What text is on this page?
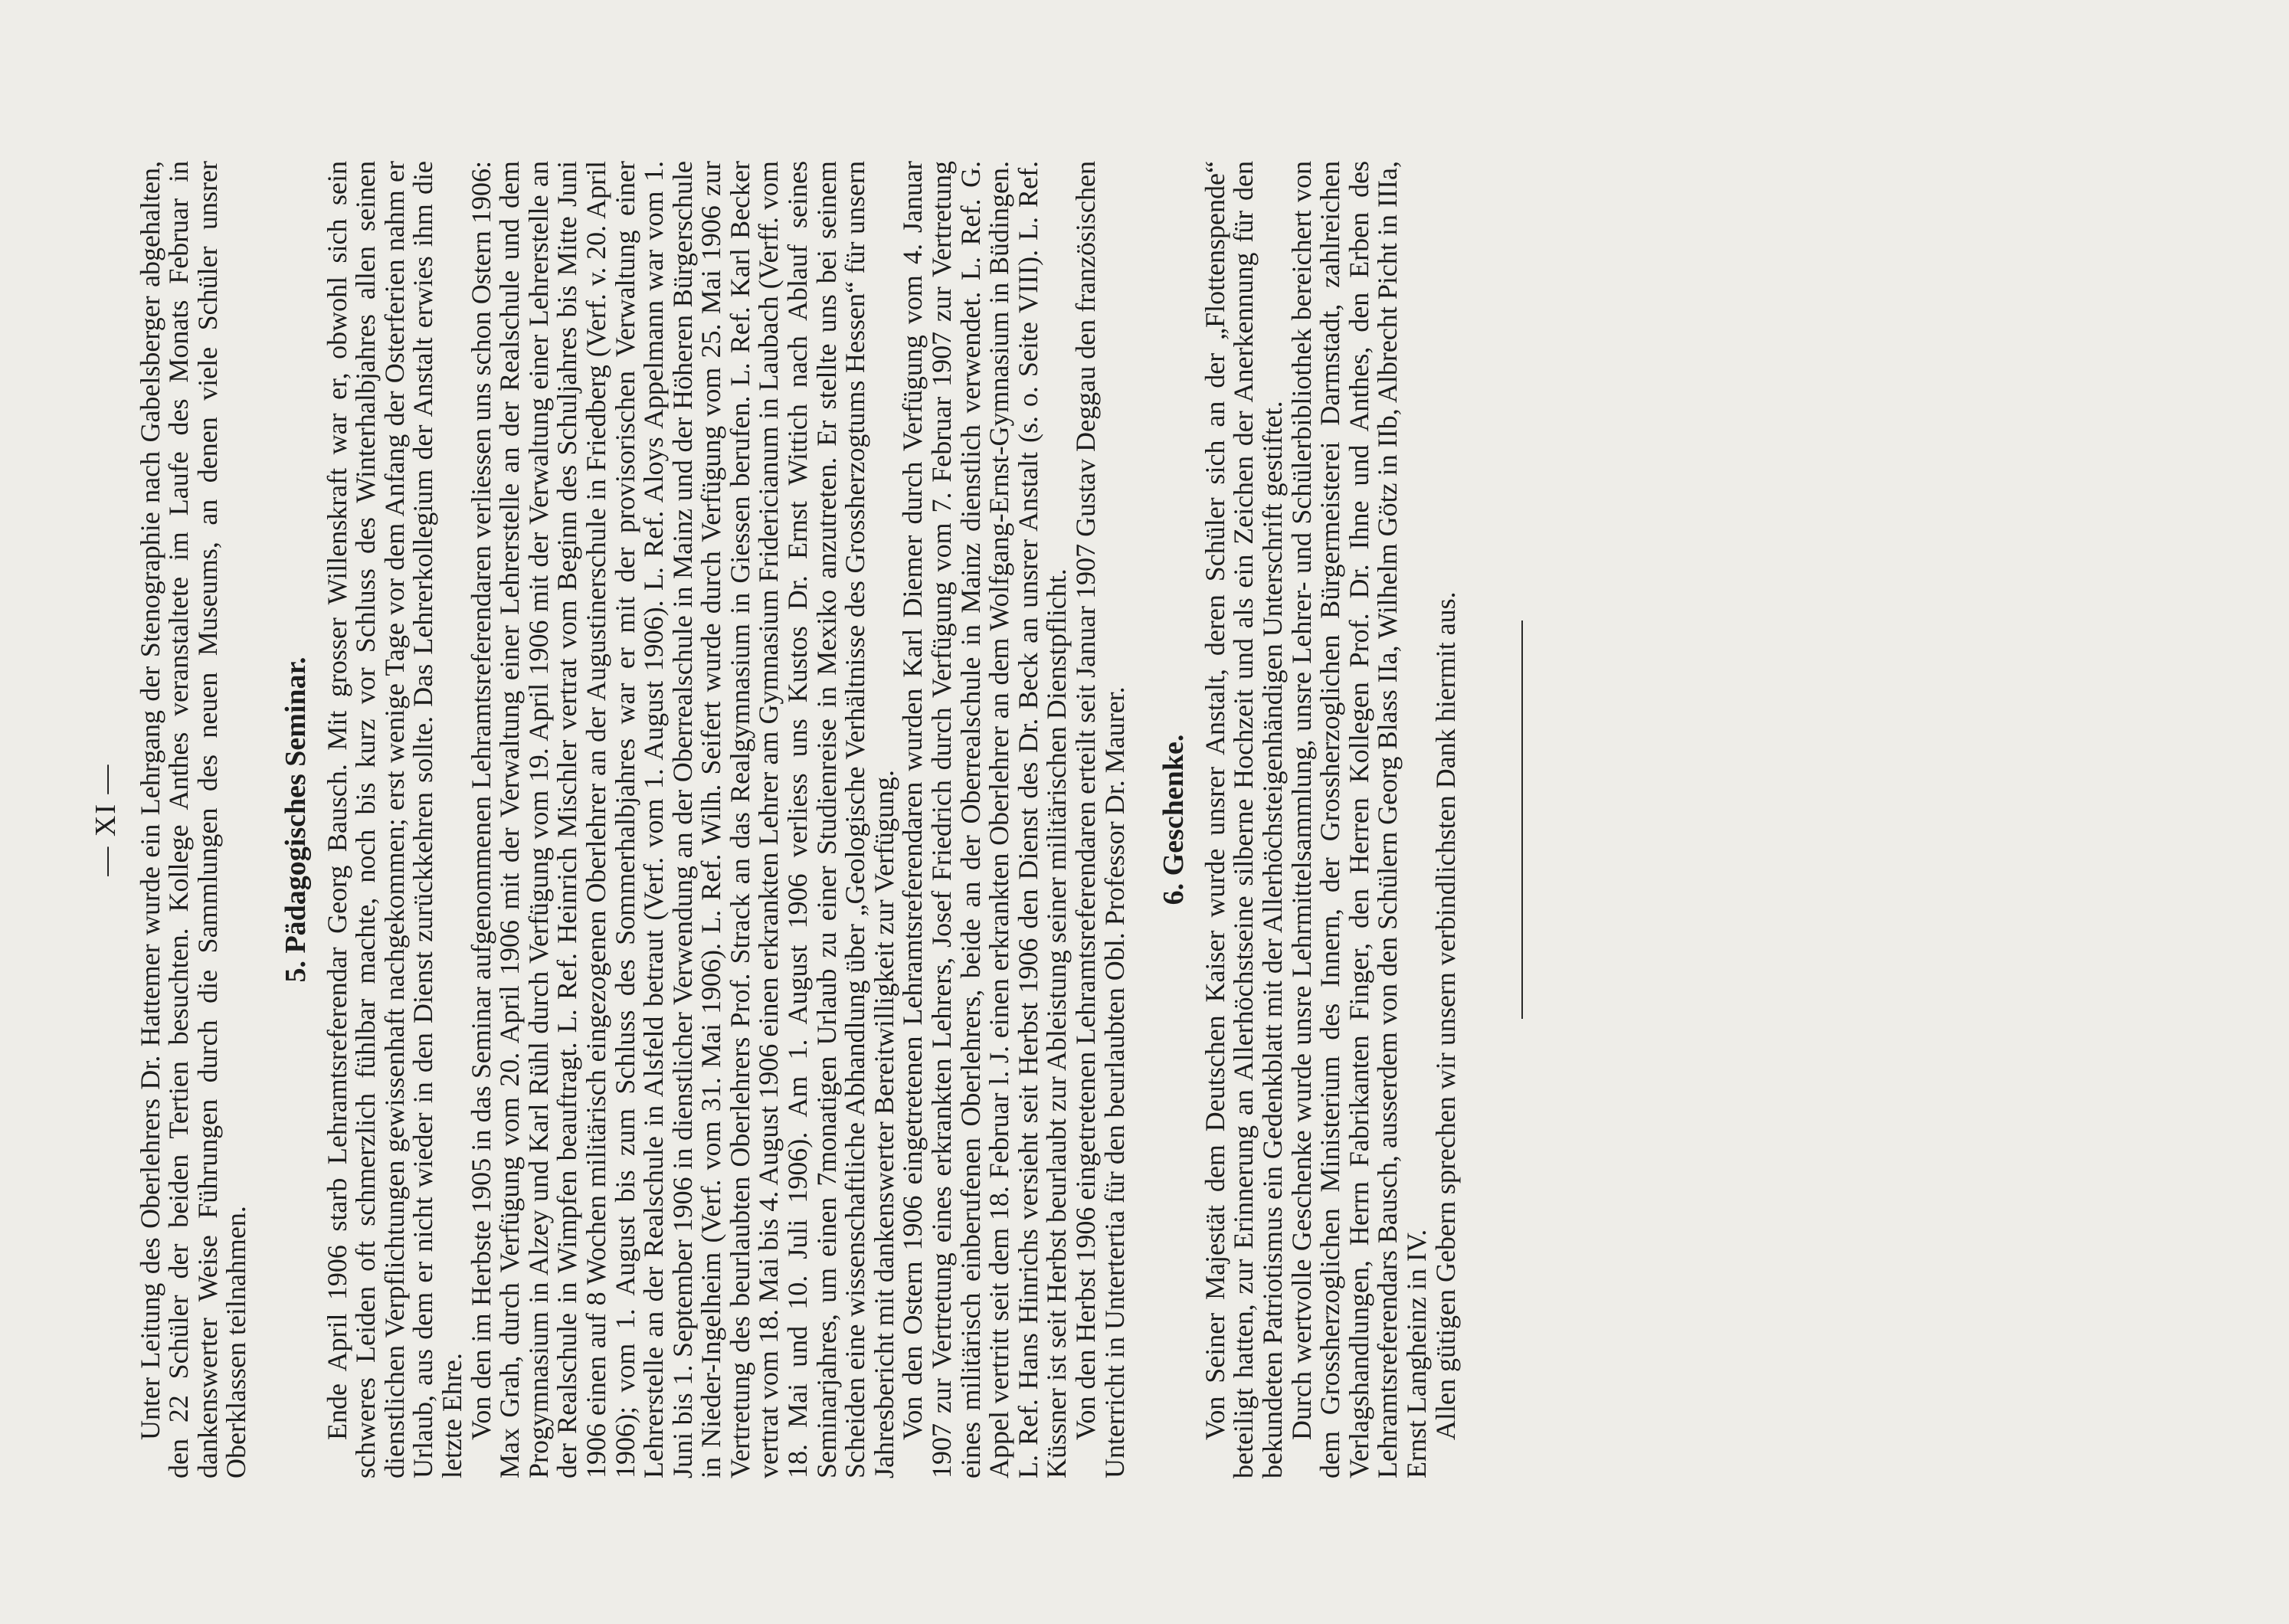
— XI — Unter Leitung des Oberlehrers Dr. Hattemer wurde ein Lehrgang der Stenographie nach Gabelsberger abgehalten, den 22 Schüler der beiden Tertien besuchten. Kollege Anthes veranstaltete im Laufe des Monats Februar in dankenswerter Weise Führungen durch die Sammlungen des neuen Museums, an denen viele Schüler unsrer Oberklassen teilnahmen.

5. Pädagogisches Seminar. Ende April 1906 starb Lehramtsreferendar Georg Bausch. Mit grosser Willenskraft war er, obwohl sich sein schweres Leiden oft schmerzlich fühlbar machte, noch bis kurz vor Schluss des Winterhalbjahres allen seinen dienstlichen Verpflichtungen gewissenhaft nachgekommen; erst wenige Tage vor dem Anfang der Osterferien nahm er Urlaub, aus dem er nicht wieder in den Dienst zurückkehren sollte. Das Lehrerkollegium der Anstalt erwies ihm die letzte Ehre.

Von den im Herbste 1905 in das Seminar aufgenommenen Lehramtsreferendaren verliessen uns schon Ostern 1906: Max Grah, durch Verfügung vom 20. April 1906 mit der Verwaltung einer Lehrerstelle an der Realschule und dem Progymnasium in Alzey und Karl Rühl durch Verfügung vom 19. April 1906 mit der Verwaltung einer Lehrerstelle an der Realschule in Wimpfen beauftragt. L. Ref. Heinrich Mischler vertrat vom Beginn des Schuljahres bis Mitte Juni 1906 einen auf 8 Wochen militärisch eingezogenen Oberlehrer an der Augustinerschule in Friedberg (Verf. v. 20. April 1906); vom 1. August bis zum Schluss des Sommerhalbjahres war er mit der provisorischen Verwaltung einer Lehrerstelle an der Realschule in Alsfeld betraut (Verf. vom 1. August 1906). L. Ref. Aloys Appelmann war vom 1. Juni bis 1. September 1906 in dienstlicher Verwendung an der Oberrealschule in Mainz und der Höheren Bürgerschule in Nieder-Ingelheim (Verf. vom 31. Mai 1906). L. Ref. Wilh. Seifert wurde durch Verfügung vom 25. Mai 1906 zur Vertretung des beurlaubten Oberlehrers Prof. Strack an das Realgymnasium in Giessen berufen. L. Ref. Karl Becker vertrat vom 18. Mai bis 4. August 1906 einen erkrankten Lehrer am Gymnasium Fridericianum in Laubach (Verff. vom 18. Mai und 10. Juli 1906). Am 1. August 1906 verliess uns Kustos Dr. Ernst Wittich nach Ablauf seines Seminarjahres, um einen 7monatigen Urlaub zu einer Studienreise in Mexiko anzutreten. Er stellte uns bei seinem Scheiden eine wissenschaftliche Abhandlung über „Geologische Verhältnisse des Grossherzogtums Hessen“ für unsern Jahresbericht mit dankenswerter Bereitwilligkeit zur Verfügung.

Von den Ostern 1906 eingetretenen Lehramtsreferendaren wurden Karl Diemer durch Verfügung vom 4. Januar 1907 zur Vertretung eines erkrankten Lehrers, Josef Friedrich durch Verfügung vom 7. Februar 1907 zur Vertretung eines militärisch einberufenen Oberlehrers, beide an der Oberrealschule in Mainz dienstlich verwendet. L. Ref. G. Appel vertritt seit dem 18. Februar l. J. einen erkrankten Oberlehrer an dem Wolfgang-Ernst-Gymnasium in Büdingen. L. Ref. Hans Hinrichs versieht seit Herbst 1906 den Dienst des Dr. Beck an unsrer Anstalt (s. o. Seite VIII). L. Ref. Küssner ist seit Herbst beurlaubt zur Ableistung seiner militärischen Dienstpflicht.

Von den Herbst 1906 eingetretenen Lehramtsreferendaren erteilt seit Januar 1907 Gustav Deggau den französischen Unterricht in Untertertia für den beurlaubten Obl. Professor Dr. Maurer. 6. Geschenke. Von Seiner Majestät dem Deutschen Kaiser wurde unsrer Anstalt, deren Schüler sich an der „Flottenspende“ beteiligt hatten, zur Erinnerung an Allerhöchstseine silberne Hochzeit und als ein Zeichen der Anerkennung für den bekundeten Patriotismus ein Gedenkblatt mit der Allerhöchsteigenhändigen Unterschrift gestiftet.

Durch wertvolle Geschenke wurde unsre Lehrmittelsammlung, unsre Lehrer- und Schülerbibliothek bereichert von dem Grossherzoglichen Ministerium des Innern, der Grossherzoglichen Bürgermeisterei Darmstadt, zahlreichen Verlagshandlungen, Herrn Fabrikanten Finger, den Herren Kollegen Prof. Dr. Ihne und Anthes, den Erben des Lehramtsreferendars Bausch, ausserdem von den Schülern Georg Blass IIa, Wilhelm Götz in IIb, Albrecht Picht in IIIa, Ernst Langheinz in IV.

Allen gütigen Gebern sprechen wir unsern verbindlichsten Dank hiermit aus.
